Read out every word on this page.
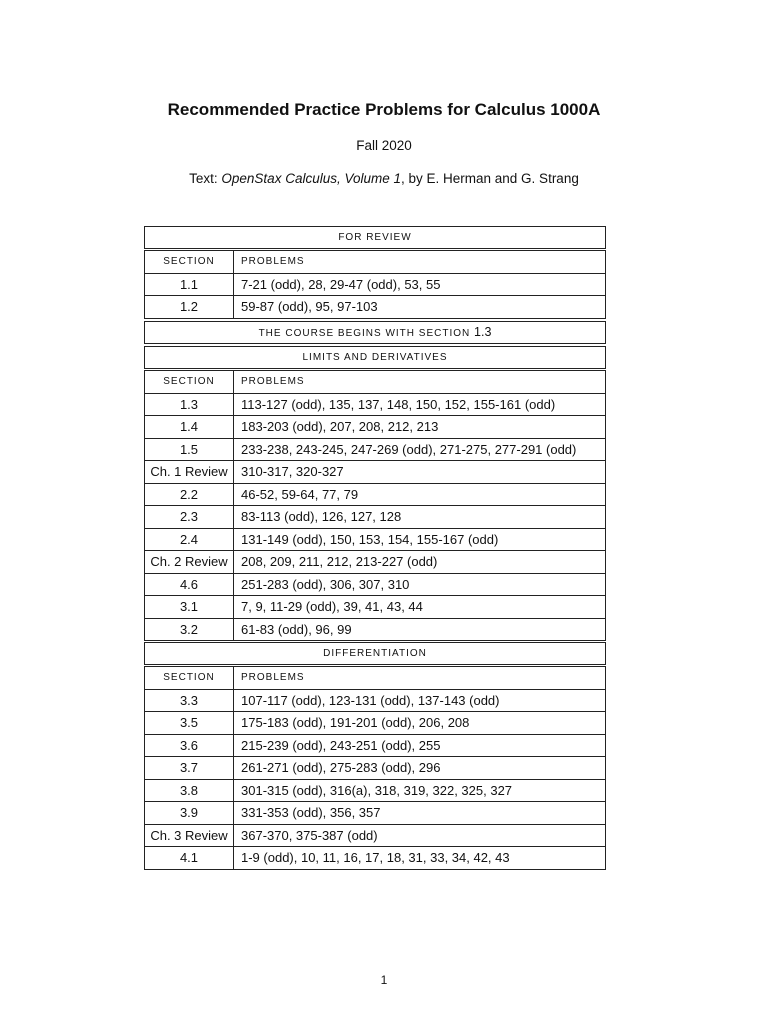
Recommended Practice Problems for Calculus 1000A
Fall 2020
Text: OpenStax Calculus, Volume 1, by E. Herman and G. Strang
FOR REVIEW
SECTION	PROBLEMS
1.1	7-21 (odd), 28, 29-47 (odd), 53, 55
1.2	59-87 (odd), 95, 97-103
THE COURSE BEGINS WITH SECTION 1.3
LIMITS AND DERIVATIVES
SECTION	PROBLEMS
1.3	113-127 (odd), 135, 137, 148, 150, 152, 155-161 (odd)
1.4	183-203 (odd), 207, 208, 212, 213
1.5	233-238, 243-245, 247-269 (odd), 271-275, 277-291 (odd)
Ch. 1 Review	310-317, 320-327
2.2	46-52, 59-64, 77, 79
2.3	83-113 (odd), 126, 127, 128
2.4	131-149 (odd), 150, 153, 154, 155-167 (odd)
Ch. 2 Review	208, 209, 211, 212, 213-227 (odd)
4.6	251-283 (odd), 306, 307, 310
3.1	7, 9, 11-29 (odd), 39, 41, 43, 44
3.2	61-83 (odd), 96, 99
DIFFERENTIATION
SECTION	PROBLEMS
3.3	107-117 (odd), 123-131 (odd), 137-143 (odd)
3.5	175-183 (odd), 191-201 (odd), 206, 208
3.6	215-239 (odd), 243-251 (odd), 255
3.7	261-271 (odd), 275-283 (odd), 296
3.8	301-315 (odd), 316(a), 318, 319, 322, 325, 327
3.9	331-353 (odd), 356, 357
Ch. 3 Review	367-370, 375-387 (odd)
4.1	1-9 (odd), 10, 11, 16, 17, 18, 31, 33, 34, 42, 43
1
